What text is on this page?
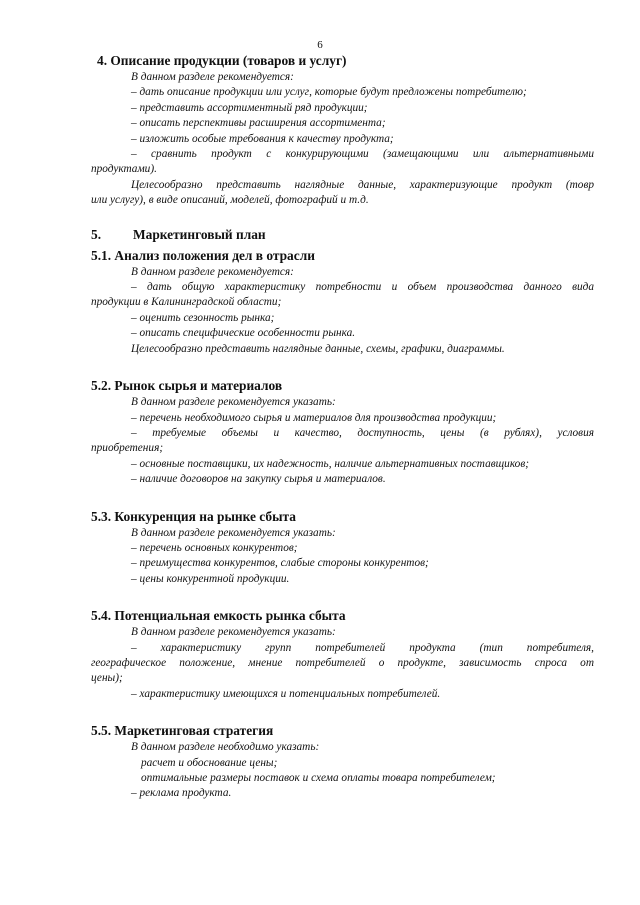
6
4. Описание продукции (товаров и услуг)

В данном разделе рекомендуется:

– дать описание продукции или услуг, которые будут предложены потребителю;

– представить ассортиментный ряд продукции;

– описать перспективы расширения ассортимента;

– изложить особые требования к качеству продукта;

– сравнить продукт с конкурирующими (замещающими или альтернативными

продуктами).

Целесообразно представить наглядные данные, характеризующие продукт (товр

или услугу), в виде описаний, моделей, фотографий и т.д.

5. Маркетинговый план
5.1. Анализ положения дел в отрасли

В данном разделе рекомендуется:

– дать общую характеристику потребности и объем производства данного вида

продукции в Калининградской области;

– оценить сезонность рынка;

– описать специфические особенности рынка.

Целесообразно представить наглядные данные, схемы, графики, диаграммы.

5.2. Рынок сырья и материалов

В данном разделе рекомендуется указать:

– перечень необходимого сырья и материалов для производства продукции;

– требуемые объемы и качество, доступность, цены (в рублях), условия

приобретения;

– основные поставщики, их надежность, наличие альтернативных поставщиков;

– наличие договоров на закупку сырья и материалов.

5.3. Конкуренция на рынке сбыта

В данном разделе рекомендуется указать:

– перечень основных конкурентов;

– преимущества конкурентов, слабые стороны конкурентов;

– цены конкурентной продукции.

5.4. Потенциальная емкость рынка сбыта

В данном разделе рекомендуется указать:

– характеристику групп потребителей продукта (тип потребителя,

географическое положение, мнение потребителей о продукте, зависимость спроса от

цены);

– характеристику имеющихся и потенциальных потребителей.

5.5. Маркетинговая стратегия

В данном разделе необходимо указать:

расчет и обоснование цены;

оптимальные размеры поставок и схема оплаты товара потребителем;

– реклама продукта.
